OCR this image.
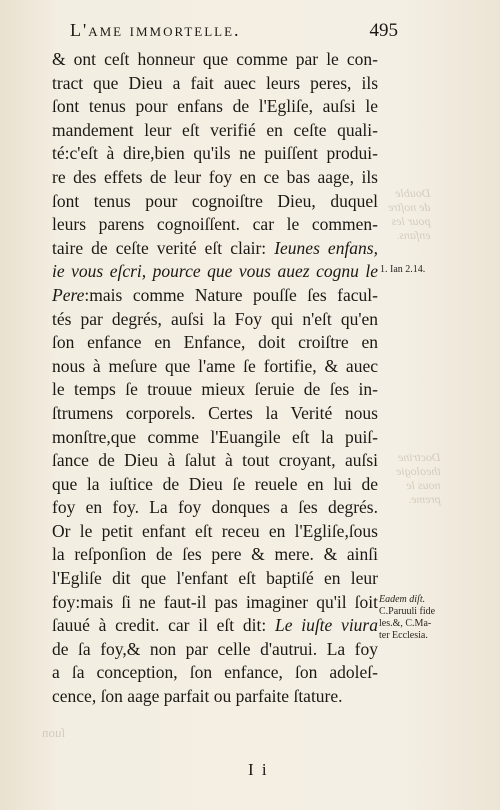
Double
de noſtre
pour les
enfans.
Doctrine
theologie
nous le
preme.
ſuon
L'ame immortelle.	495
& ont ceſt honneur que comme par le con-
tract que Dieu a fait auec leurs peres, ils
ſont tenus pour enfans de l'Egliſe, auſsi le
mandement leur eſt verifié en ceſte quali-
té:c'eſt à dire,bien qu'ils ne puiſſent produi-
re des effets de leur foy en ce bas aage, ils
ſont tenus pour cognoiſtre Dieu, duquel
leurs parens cognoiſſent. car le commen-
taire de ceſte verité eſt clair: Ieunes enfans,
ie vous eſcri, pource que vous auez cognu le
Pere:mais comme Nature pouſſe ſes facul-
tés par degrés, auſsi la Foy qui n'eſt qu'en
ſon enfance en Enfance, doit croiſtre en
nous à meſure que l'ame ſe fortifie, & auec
le temps ſe trouue mieux ſeruie de ſes in-
ſtrumens corporels. Certes la Verité nous
monſtre,que comme l'Euangile eſt la puiſ-
ſance de Dieu à ſalut à tout croyant, auſsi
que la iuſtice de Dieu ſe reuele en lui de
foy en foy. La foy donques a ſes degrés.
Or le petit enfant eſt receu en l'Egliſe,ſous
la reſponſion de ſes pere & mere. & ainſi
l'Egliſe dit que l'enfant eſt baptiſé en leur
foy:mais ſi ne faut-il pas imaginer qu'il ſoit
ſauué à credit. car il eſt dit: Le iuſte viura
de ſa foy,& non par celle d'autrui. La foy
a ſa conception, ſon enfance, ſon adoleſ-
cence, ſon aage parfait ou parfaite ſtature.
1. Ian 2.14.
Eadem diſt.
C.Paruuli fide
les.&, C.Ma-
ter Ecclesia.
I i
